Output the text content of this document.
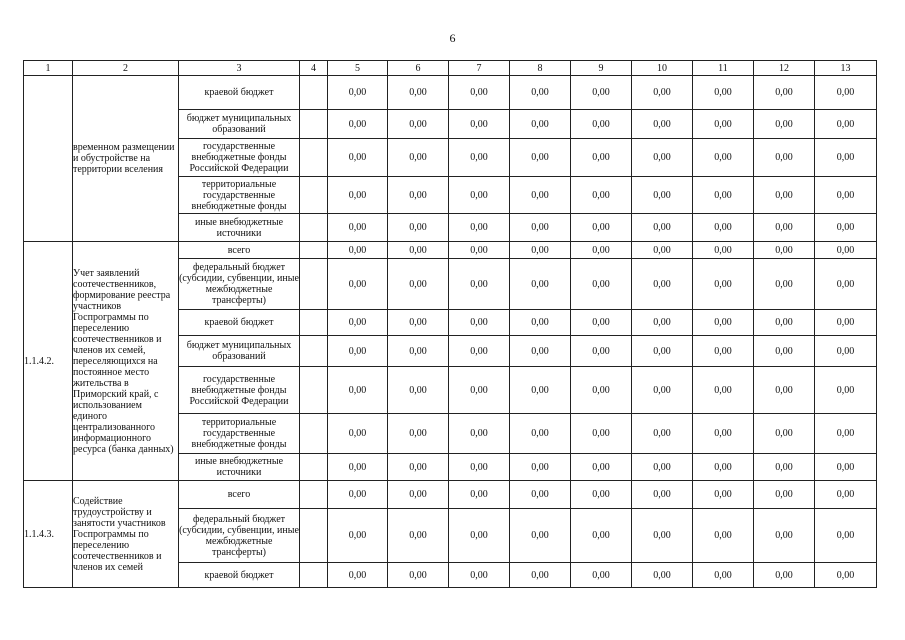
6
1	2	3	4	5	6	7	8	9	10	11	12	13
	временном размещении и обустройстве на территории вселения	краевой бюджет		0,00	0,00	0,00	0,00	0,00	0,00	0,00	0,00	0,00
		бюджет муниципальных образований		0,00	0,00	0,00	0,00	0,00	0,00	0,00	0,00	0,00
		государственные внебюджетные фонды Российской Федерации		0,00	0,00	0,00	0,00	0,00	0,00	0,00	0,00	0,00
		территориальные государственные внебюджетные фонды		0,00	0,00	0,00	0,00	0,00	0,00	0,00	0,00	0,00
		иные внебюджетные источники		0,00	0,00	0,00	0,00	0,00	0,00	0,00	0,00	0,00
1.1.4.2.	Учет заявлений соотечественников, формирование реестра участников Госпрограммы по переселению соотечественников и членов их семей, переселяющихся на постоянное место жительства в Приморский край, с использованием единого централизованного информационного ресурса (банка данных)	всего		0,00	0,00	0,00	0,00	0,00	0,00	0,00	0,00	0,00
		федеральный бюджет (субсидии, субвенции, иные межбюджетные трансферты)		0,00	0,00	0,00	0,00	0,00	0,00	0,00	0,00	0,00
		краевой бюджет		0,00	0,00	0,00	0,00	0,00	0,00	0,00	0,00	0,00
		бюджет муниципальных образований		0,00	0,00	0,00	0,00	0,00	0,00	0,00	0,00	0,00
		государственные внебюджетные фонды Российской Федерации		0,00	0,00	0,00	0,00	0,00	0,00	0,00	0,00	0,00
		территориальные государственные внебюджетные фонды		0,00	0,00	0,00	0,00	0,00	0,00	0,00	0,00	0,00
		иные внебюджетные источники		0,00	0,00	0,00	0,00	0,00	0,00	0,00	0,00	0,00
1.1.4.3.	Содействие трудоустройству и занятости участников Госпрограммы по переселению соотечественников и членов их семей	всего		0,00	0,00	0,00	0,00	0,00	0,00	0,00	0,00	0,00
		федеральный бюджет (субсидии, субвенции, иные межбюджетные трансферты)		0,00	0,00	0,00	0,00	0,00	0,00	0,00	0,00	0,00
		краевой бюджет		0,00	0,00	0,00	0,00	0,00	0,00	0,00	0,00	0,00
